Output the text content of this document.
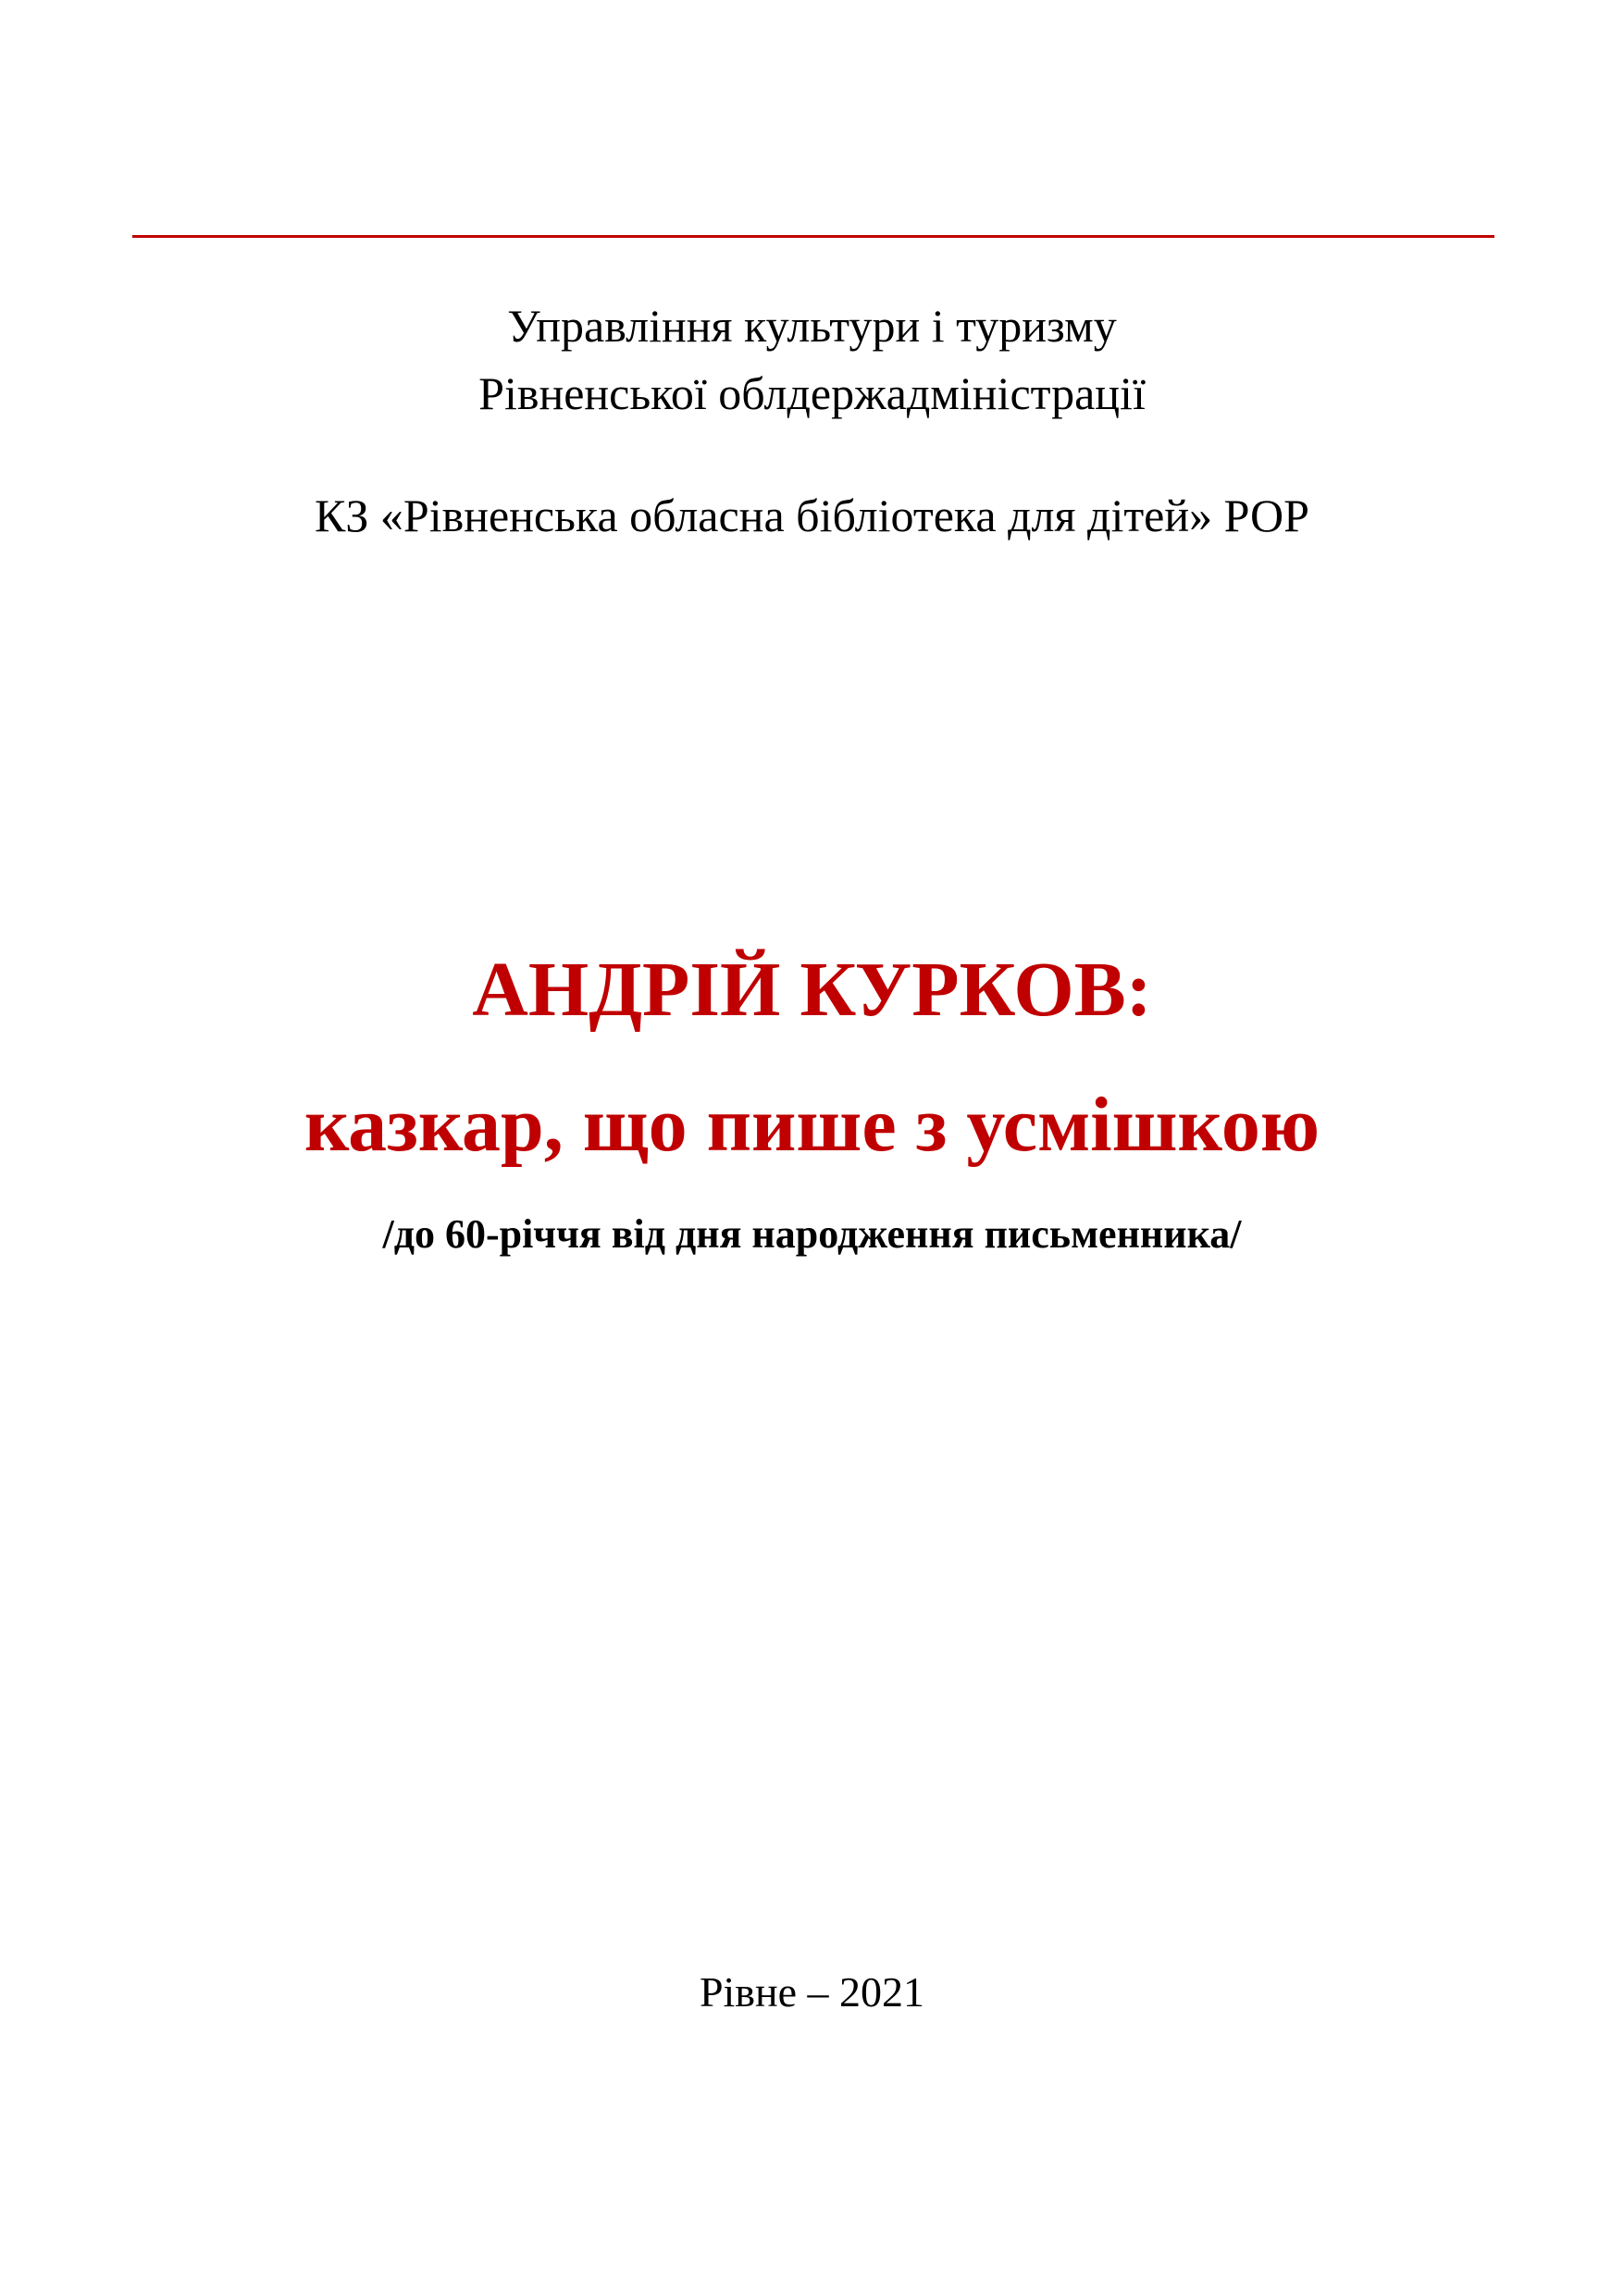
Управління культури і туризму
Рівненської облдержадміністрації
КЗ «Рівненська обласна бібліотека для дітей» РОР
АНДРІЙ КУРКОВ:
казкар, що пише з усмішкою
/до 60-річчя від дня народження письменника/
Рівне – 2021
